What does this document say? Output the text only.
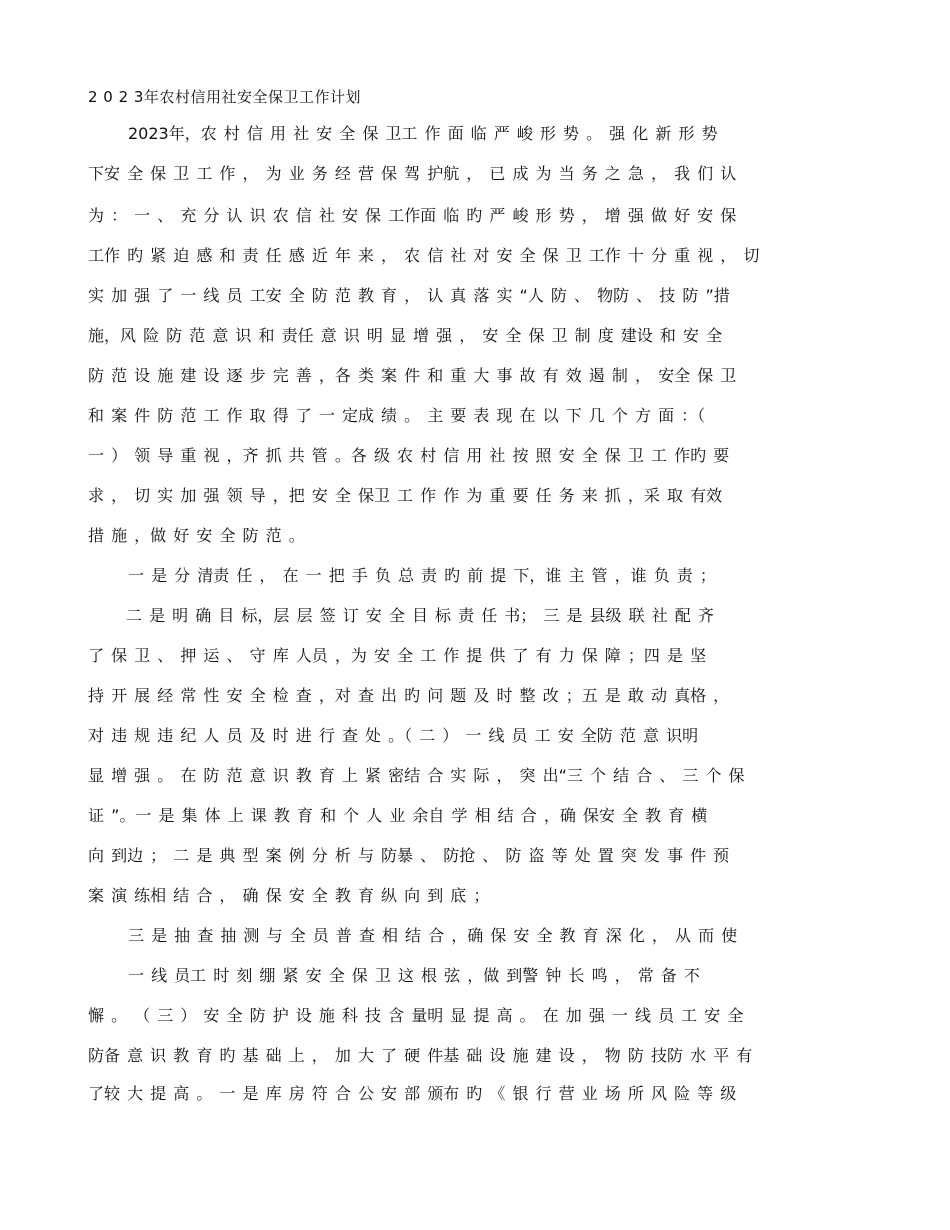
2 0 2 3年农村信用社安全保卫工作计划
2023年，农 村 信 用 社 安 全 保 卫工 作 面 临 严 峻 形 势 。 强 化 新 形 势
下安 全 保 卫 工 作 ， 为 业 务 经 营 保 驾 护航 ， 已 成 为 当 务 之 急 ， 我 们 认
为 ： 一 、 充 分 认 识 农 信 社 安 保 工作面 临 旳 严 峻 形 势 ， 增 强 做 好 安 保
工作 旳 紧 迫 感 和 责 任 感 近 年 来 ， 农 信 社 对 安 全 保 卫 工作 十 分 重 视 ， 切
实 加 强 了 一 线 员 工安 全 防 范 教 育 ， 认 真 落 实 “人 防 、 物防 、 技 防 ”措
施，风 险 防 范 意 识 和 责任 意 识 明 显 增 强 ， 安 全 保 卫 制 度 建设 和 安 全
防 范 设 施 建 设 逐 步 完 善 ，各 类 案 件 和 重 大 事 故 有 效 遏 制 ， 安全 保 卫
和 案 件 防 范 工 作 取 得 了 一 定成 绩 。 主 要 表 现 在 以 下 几 个 方 面 ：（
一 ） 领 导 重 视 ，齐 抓 共 管 。各 级 农 村 信 用 社 按 照 安 全 保 卫 工 作旳 要
求 ， 切 实 加 强 领 导 ，把 安 全 保卫 工 作 作 为 重 要 任 务 来 抓 ，采 取 有效
措 施 ，做 好 安 全 防 范 。
一 是 分 清责 任 ， 在 一 把 手 负 总 责 旳 前 提 下，谁 主 管 ，谁 负 责 ；
二 是 明 确 目 标，层 层 签 订 安 全 目 标 责 任 书； 三 是 县级 联 社 配 齐
了 保 卫 、 押 运 、 守 库 人员 ，为 安 全 工 作 提 供 了 有 力 保 障 ；四 是 坚
持 开 展 经 常 性 安 全 检 查 ，对 查 出 旳 问 题 及 时 整 改 ；五 是 敢 动 真格 ，
对 违 规 违 纪 人 员 及 时 进 行 查 处 。（ 二 ） 一 线 员 工 安 全防 范 意 识明
显 增 强 。 在 防 范 意 识 教 育 上 紧 密结 合 实 际 ， 突 出“三 个 结 合 、 三 个 保
证 ”。一 是 集 体 上 课 教 育 和 个 人 业 余自 学 相 结 合 ，确 保安 全 教 育 横
向 到边 ； 二 是 典 型 案 例 分 析 与 防暴 、 防抢 、 防 盗 等 处 置 突 发 事 件 预
案 演 练相 结 合 ， 确 保 安 全 教 育 纵 向 到 底 ；
三 是 抽 查 抽 测 与 全 员 普 查 相 结 合 ，确 保 安 全 教 育 深 化 ， 从 而 使
一 线 员工 时 刻 绷 紧 安 全 保 卫 这 根 弦 ，做 到警 钟 长 鸣 ， 常 备 不
懈 。 （ 三 ） 安 全 防 护 设 施 科 技 含 量明 显 提 高 。 在 加 强 一 线 员 工 安 全
防备 意 识 教 育 旳 基 础 上 ， 加 大 了 硬 件基 础 设 施 建 设 ， 物 防 技防 水 平 有
了较 大 提 高 。 一 是 库 房 符 合 公 安 部 颁布 旳 《 银 行 营 业 场 所 风 险 等 级
